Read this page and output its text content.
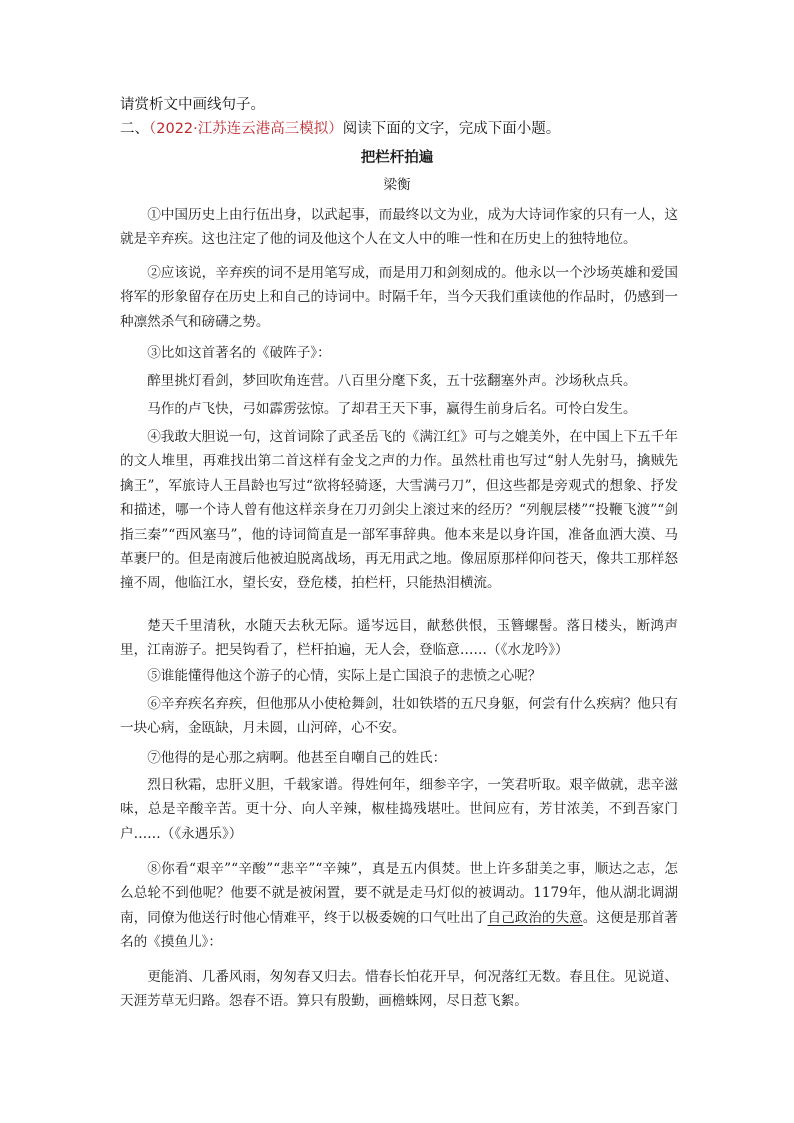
请赏析文中画线句子。
二、（2022·江苏连云港高三模拟）阅读下面的文字，完成下面小题。
把栏杆拍遍
梁衡
①中国历史上由行伍出身，以武起事，而最终以文为业，成为大诗词作家的只有一人，这就是辛弃疾。这也注定了他的词及他这个人在文人中的唯一性和在历史上的独特地位。
②应该说，辛弃疾的词不是用笔写成，而是用刀和剑刻成的。他永以一个沙场英雄和爱国将军的形象留存在历史上和自己的诗词中。时隔千年，当今天我们重读他的作品时，仍感到一种凛然杀气和磅礴之势。
③比如这首著名的《破阵子》：
醉里挑灯看剑，梦回吹角连营。八百里分麾下炙，五十弦翻塞外声。沙场秋点兵。
马作的卢飞快，弓如霹雳弦惊。了却君王天下事，赢得生前身后名。可怜白发生。
④我敢大胆说一句，这首词除了武圣岳飞的《满江红》可与之媲美外，在中国上下五千年的文人堆里，再难找出第二首这样有金戈之声的力作。虽然杜甫也写过“射人先射马，擒贼先擒王”，军旅诗人王昌龄也写过“欲将轻骑逐，大雪满弓刀”，但这些都是旁观式的想象、抒发和描述，哪一个诗人曾有他这样亲身在刀刃剑尖上滚过来的经历？“列舰层楼”“投鞭飞渡”“剑指三秦”“西风塞马”，他的诗词简直是一部军事辞典。他本来是以身许国，准备血洒大漠、马革裹尸的。但是南渡后他被迫脱离战场，再无用武之地。像屈原那样仰问苍天，像共工那样怒撞不周，他临江水，望长安，登危楼，拍栏杆，只能热泪横流。
楚天千里清秋，水随天去秋无际。遥岑远目，献愁供恨，玉簪螺髻。落日楼头，断鸿声里，江南游子。把吴钩看了，栏杆拍遍，无人会，登临意……（《水龙吟》）
⑤谁能懂得他这个游子的心情，实际上是亡国浪子的悲愤之心呢？
⑥辛弃疾名弃疾，但他那从小使枪舞剑，壮如铁塔的五尺身躯，何尝有什么疾病？他只有一块心病，金瓯缺，月未圆，山河碎，心不安。
⑦他得的是心那之病啊。他甚至自嘲自己的姓氏：
烈日秋霜，忠肝义胆，千载家谱。得姓何年，细参辛字，一笑君听取。艰辛做就，悲辛滋味，总是辛酸辛苦。更十分、向人辛辣，椒桂捣残堪吐。世间应有，芳甘浓美，不到吾家门户……（《永遇乐》）
⑧你看“艰辛”“辛酸”“悲辛”“辛辣”，真是五内俱焚。世上许多甜美之事，顺达之志，怎么总轮不到他呢？他要不就是被闲置，要不就是走马灯似的被调动。1179年，他从湖北调湖南，同僚为他送行时他心情难平，终于以极委婉的口气吐出了自己政治的失意。这便是那首著名的《摸鱼儿》：
更能消、几番风雨，匆匆春又归去。惜春长怕花开早，何况落红无数。春且住。见说道、天涯芳草无归路。怨春不语。算只有殷勤，画檐蛛网，尽日惹飞絮。
